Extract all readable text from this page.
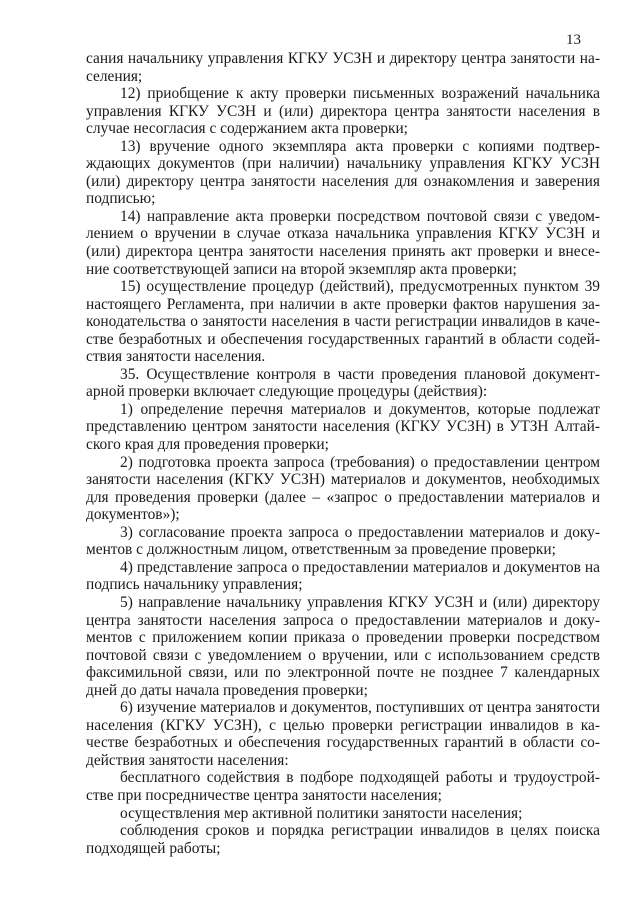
13

сания начальнику управления КГКУ УСЗН и директору центра занятости населения;

12) приобщение к акту проверки письменных возражений начальника управления КГКУ УСЗН и (или) директора центра занятости населения в случае несогласия с содержанием акта проверки;

13) вручение одного экземпляра акта проверки с копиями подтверждающих документов (при наличии) начальнику управления КГКУ УСЗН (или) директору центра занятости населения для ознакомления и заверения подписью;

14) направление акта проверки посредством почтовой связи с уведомлением о вручении в случае отказа начальника управления КГКУ УСЗН и (или) директора центра занятости населения принять акт проверки и внесение соответствующей записи на второй экземпляр акта проверки;

15) осуществление процедур (действий), предусмотренных пунктом 39 настоящего Регламента, при наличии в акте проверки фактов нарушения законодательства о занятости населения в части регистрации инвалидов в качестве безработных и обеспечения государственных гарантий в области содействия занятости населения.

35. Осуществление контроля в части проведения плановой документарной проверки включает следующие процедуры (действия):

1) определение перечня материалов и документов, которые подлежат представлению центром занятости населения (КГКУ УСЗН) в УТЗН Алтайского края для проведения проверки;

2) подготовка проекта запроса (требования) о предоставлении центром занятости населения (КГКУ УСЗН) материалов и документов, необходимых для проведения проверки (далее – «запрос о предоставлении материалов и документов»);

3) согласование проекта запроса о предоставлении материалов и документов с должностным лицом, ответственным за проведение проверки;

4) представление запроса о предоставлении материалов и документов на подпись начальнику управления;

5) направление начальнику управления КГКУ УСЗН и (или) директору центра занятости населения запроса о предоставлении материалов и документов с приложением копии приказа о проведении проверки посредством почтовой связи с уведомлением о вручении, или с использованием средств факсимильной связи, или по электронной почте не позднее 7 календарных дней до даты начала проведения проверки;

6) изучение материалов и документов, поступивших от центра занятости населения (КГКУ УСЗН), с целью проверки регистрации инвалидов в качестве безработных и обеспечения государственных гарантий в области содействия занятости населения:

бесплатного содействия в подборе подходящей работы и трудоустройстве при посредничестве центра занятости населения;

осуществления мер активной политики занятости населения;

соблюдения сроков и порядка регистрации инвалидов в целях поиска подходящей работы;
